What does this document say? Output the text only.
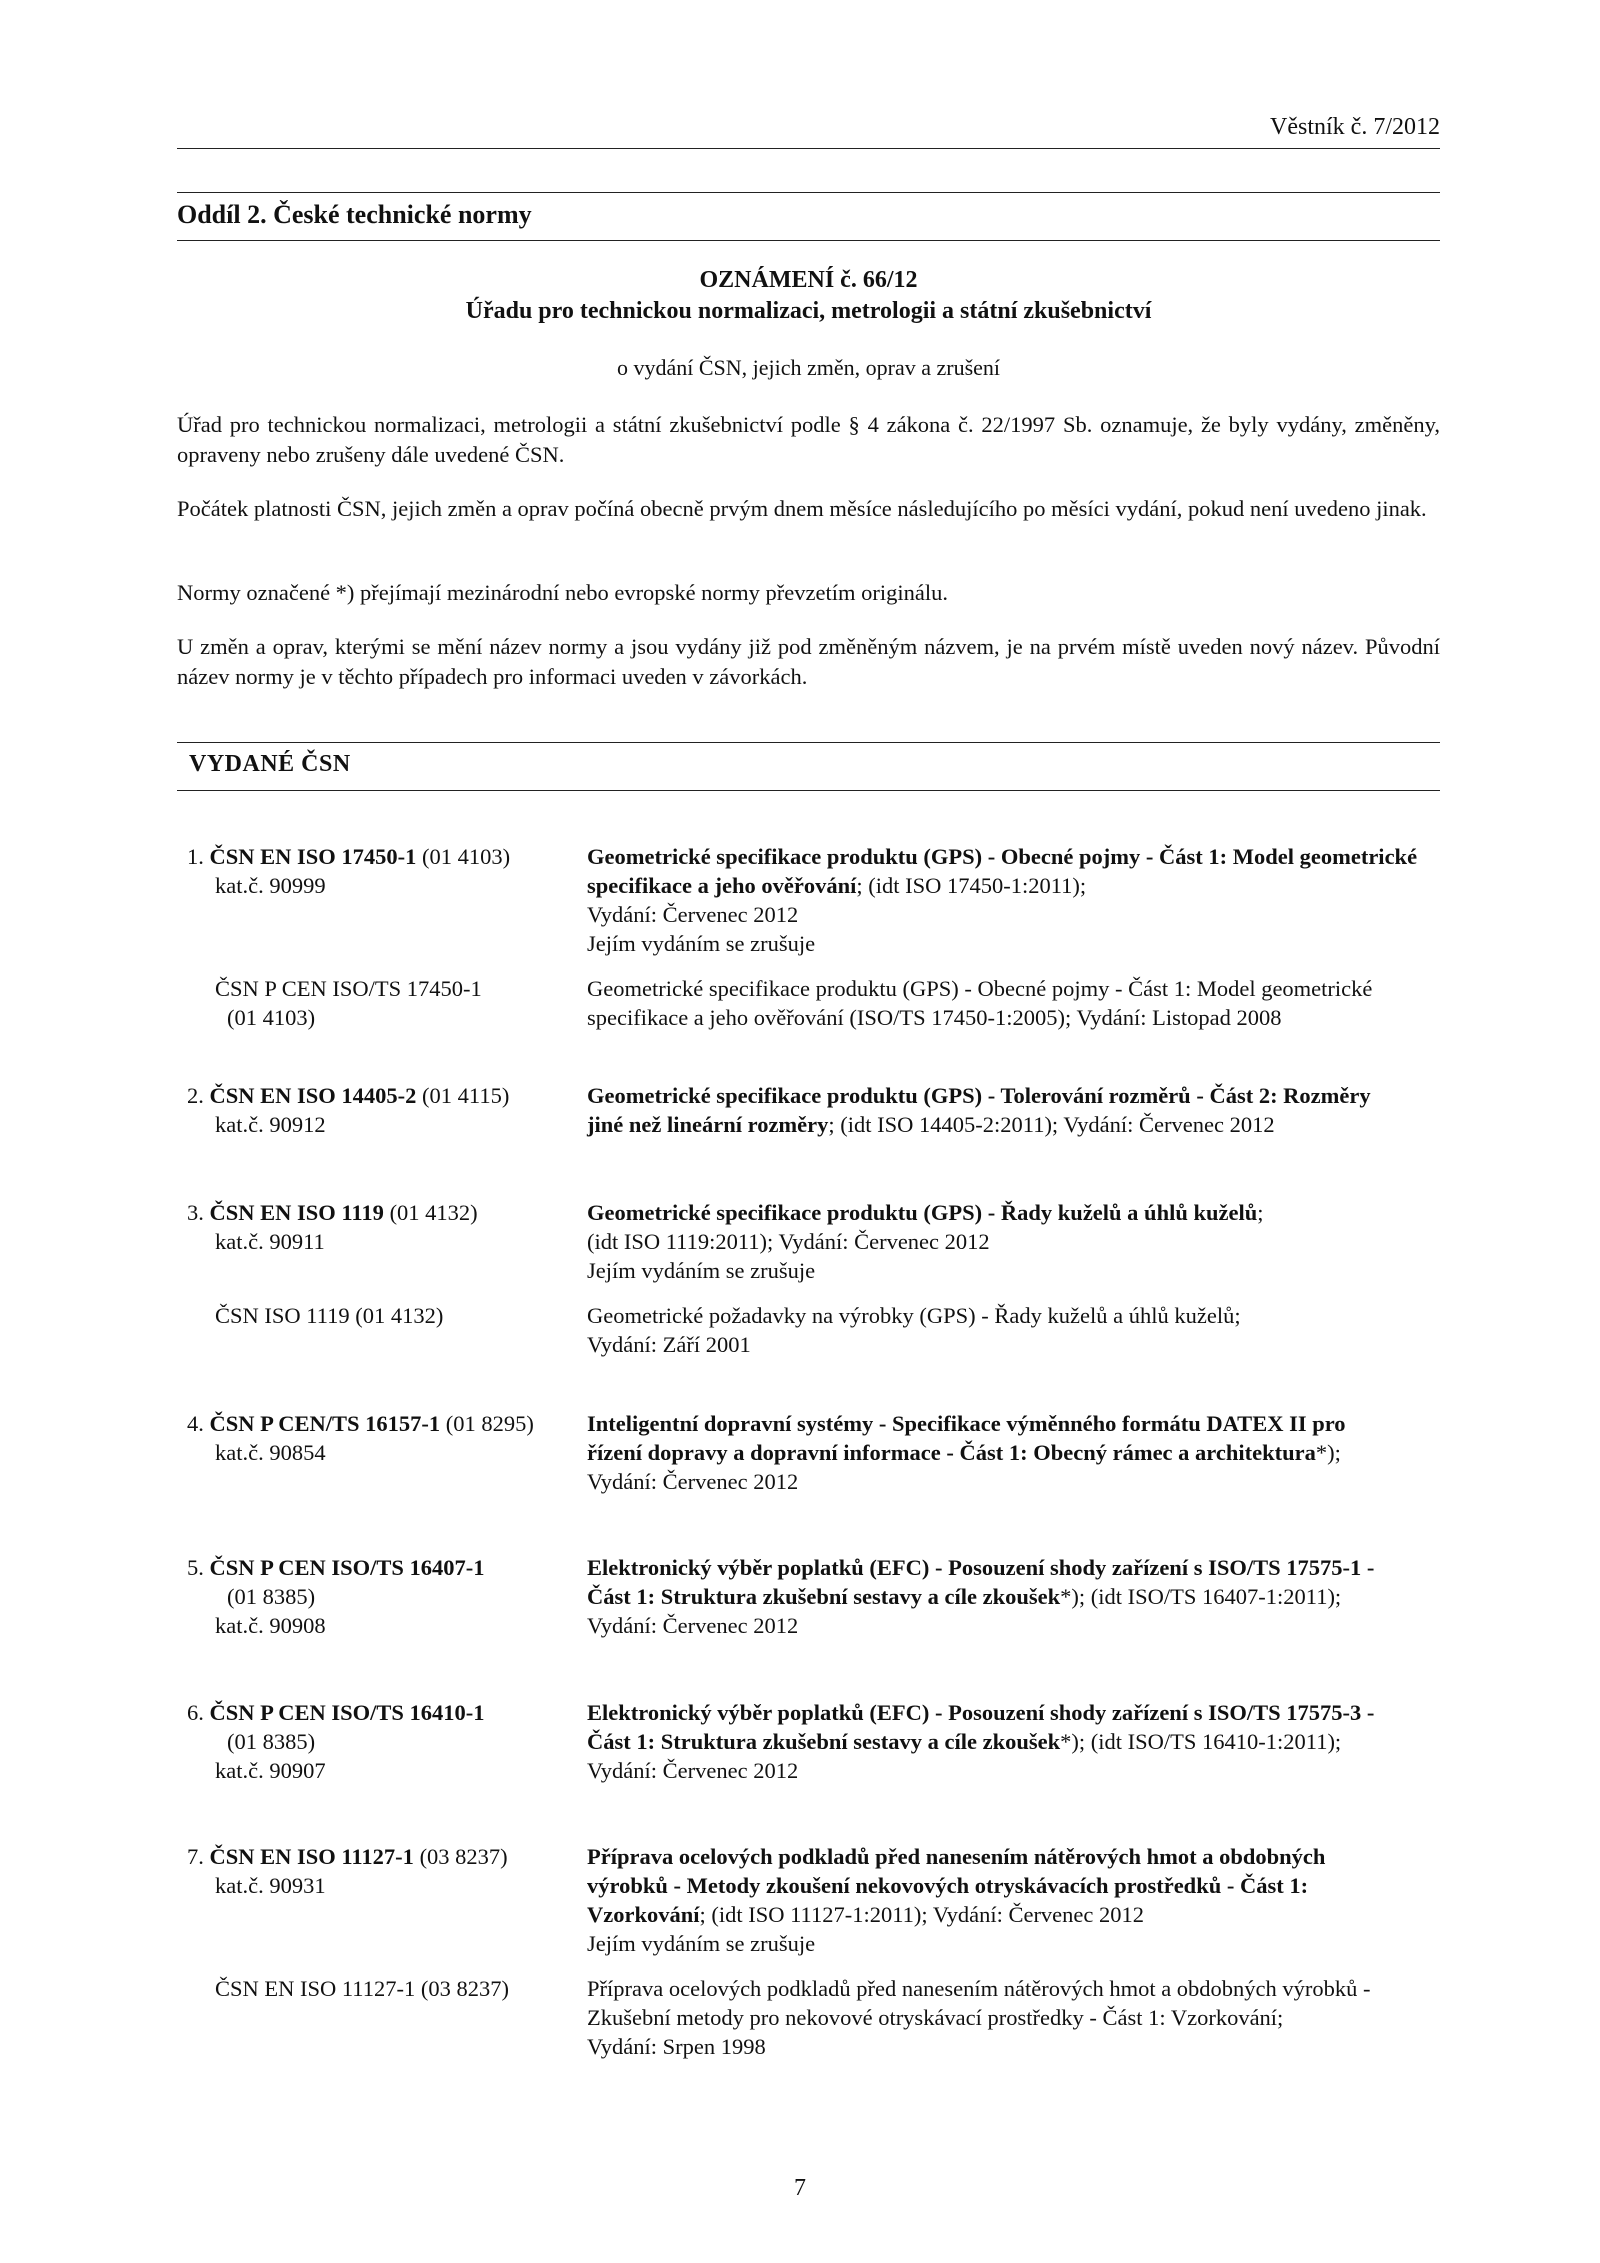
Věstník č. 7/2012
Oddíl 2. České technické normy
OZNÁMENÍ č. 66/12
Úřadu pro technickou normalizaci, metrologii a státní zkušebnictví
o vydání ČSN, jejich změn, oprav a zrušení
Úřad pro technickou normalizaci, metrologii a státní zkušebnictví podle § 4 zákona č. 22/1997 Sb. oznamuje, že byly vydány, změněny, opraveny nebo zrušeny dále uvedené ČSN.
Počátek platnosti ČSN, jejich změn a oprav počíná obecně prvým dnem měsíce následujícího po měsíci vydání, pokud není uvedeno jinak.
Normy označené *) přejímají mezinárodní nebo evropské normy převzetím originálu.
U změn a oprav, kterými se mění název normy a jsou vydány již pod změněným názvem, je na prvém místě uveden nový název. Původní název normy je v těchto případech pro informaci uveden v závorkách.
VYDANÉ ČSN
1. ČSN EN ISO 17450-1 (01 4103)
kat.č. 90999
Geometrické specifikace produktu (GPS) - Obecné pojmy - Část 1: Model geometrické specifikace a jeho ověřování; (idt ISO 17450-1:2011);
Vydání: Červenec 2012
Jejím vydáním se zrušuje
ČSN P CEN ISO/TS 17450-1
(01 4103)
Geometrické specifikace produktu (GPS) - Obecné pojmy - Část 1: Model geometrické
specifikace a jeho ověřování (ISO/TS 17450-1:2005); Vydání: Listopad 2008
2. ČSN EN ISO 14405-2 (01 4115)
kat.č. 90912
Geometrické specifikace produktu (GPS) - Tolerování rozměrů - Část 2: Rozměry
jiné než lineární rozměry; (idt ISO 14405-2:2011); Vydání: Červenec 2012
3. ČSN EN ISO 1119 (01 4132)
kat.č. 90911
Geometrické specifikace produktu (GPS) - Řady kuželů a úhlů kuželů;
(idt ISO 1119:2011); Vydání: Červenec 2012
Jejím vydáním se zrušuje
ČSN ISO 1119 (01 4132)	Geometrické požadavky na výrobky (GPS) - Řady kuželů a úhlů kuželů;
Vydání: Září 2001
4. ČSN P CEN/TS 16157-1 (01 8295)
kat.č. 90854
Inteligentní dopravní systémy - Specifikace výměnného formátu DATEX II pro
řízení dopravy a dopravní informace - Část 1: Obecný rámec a architektura*);
Vydání: Červenec 2012
5. ČSN P CEN ISO/TS 16407-1
(01 8385)
kat.č. 90908
Elektronický výběr poplatků (EFC) - Posouzení shody zařízení s ISO/TS 17575-1 -
Část 1: Struktura zkušební sestavy a cíle zkoušek*); (idt ISO/TS 16407-1:2011);
Vydání: Červenec 2012
6. ČSN P CEN ISO/TS 16410-1
(01 8385)
kat.č. 90907
Elektronický výběr poplatků (EFC) - Posouzení shody zařízení s ISO/TS 17575-3 -
Část 1: Struktura zkušební sestavy a cíle zkoušek*); (idt ISO/TS 16410-1:2011);
Vydání: Červenec 2012
7. ČSN EN ISO 11127-1 (03 8237)
kat.č. 90931
Příprava ocelových podkladů před nanesením nátěrových hmot a obdobných
výrobků - Metody zkoušení nekovových otryskávacích prostředků - Část 1:
Vzorkování; (idt ISO 11127-1:2011); Vydání: Červenec 2012
Jejím vydáním se zrušuje
ČSN EN ISO 11127-1 (03 8237)	Příprava ocelových podkladů před nanesením nátěrových hmot a obdobných výrobků -
Zkušební metody pro nekovové otryskávací prostředky - Část 1: Vzorkování;
Vydání: Srpen 1998
7
